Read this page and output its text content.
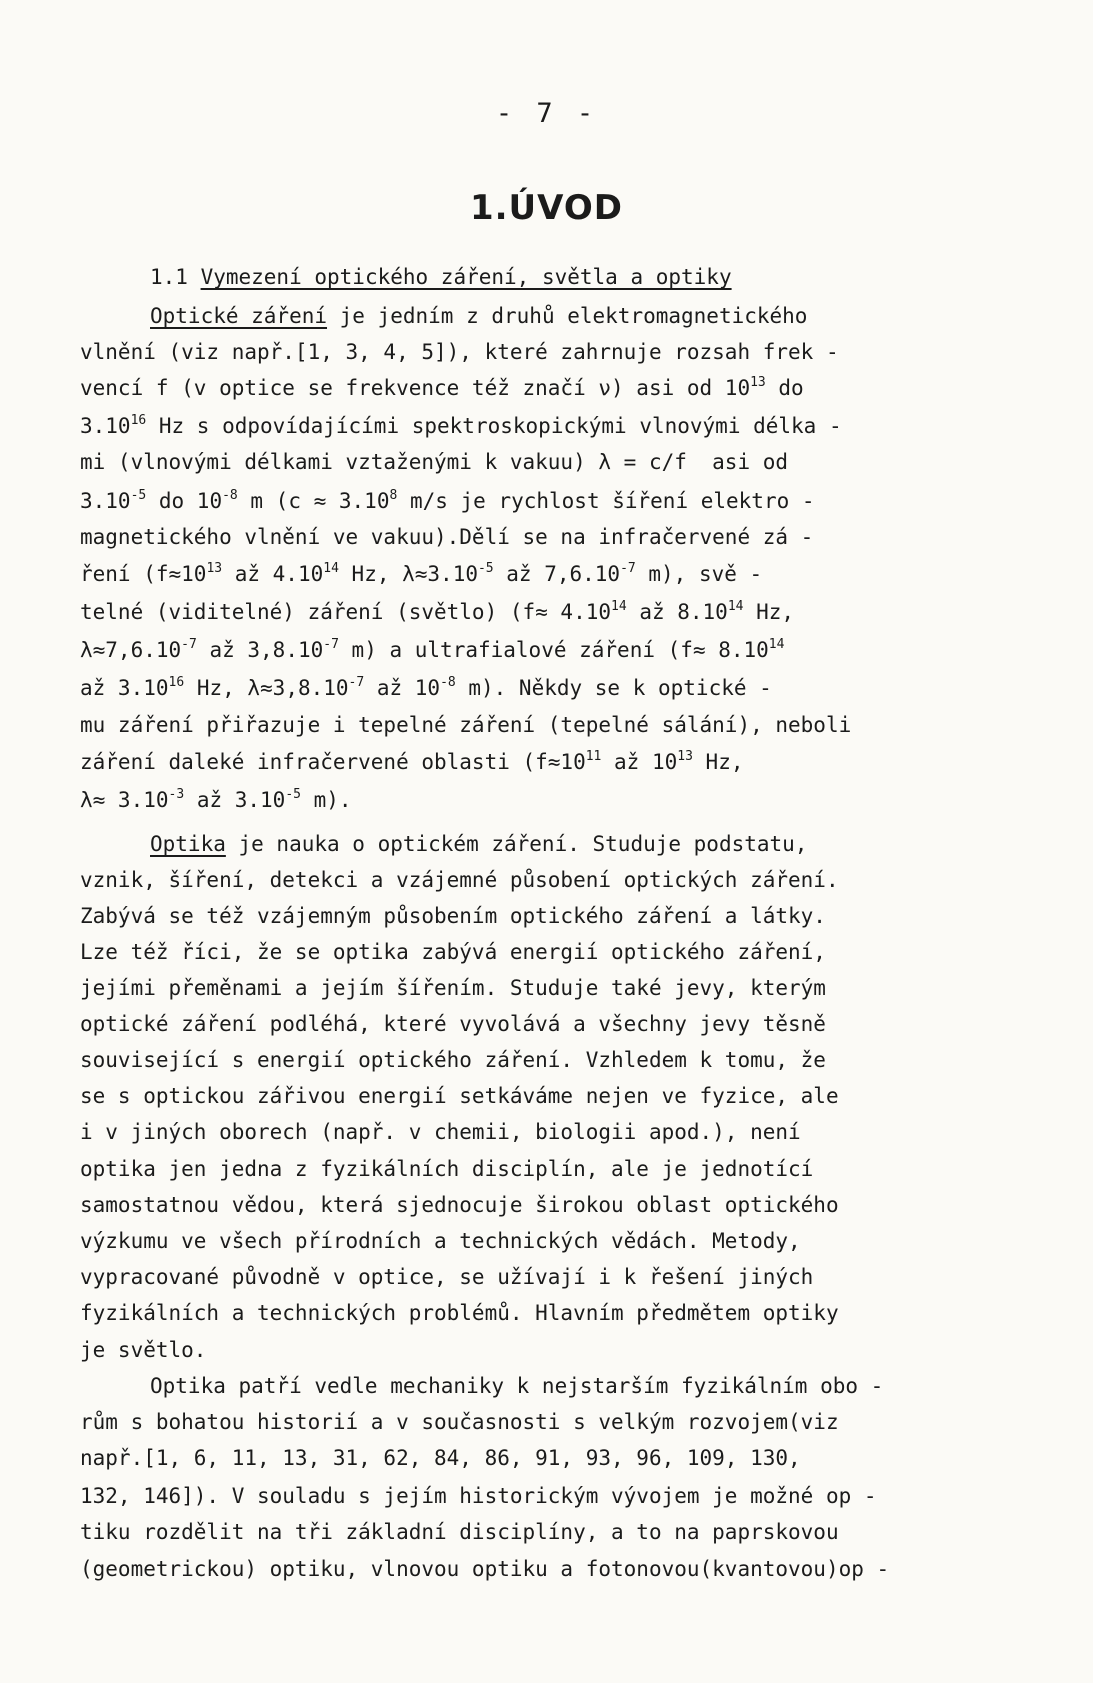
- 7 -
1.ÚVOD
1.1 Vymezení optického záření, světla a optiky
Optické záření je jedním z druhů elektromagnetického
vlnění (viz např.[1, 3, 4, 5]), které zahrnuje rozsah frek -
vencí f (v optice se frekvence též značí ν) asi od $10^{13}$ do
3.10$^{16}$ Hz s odpovídajícími spektroskopickými vlnovými délka -
mi (vlnovými délkami vztaženými k vakuu) λ = c/f  asi od
$3.10^{-5}$ do $10^{-8}$ m ($c \approx 3.10^8$ m/s je rychlost šíření elektro -
magnetického vlnění ve vakuu).Dělí se na infračervené zá -
ření ($f\approx 10^{13}$ až 4.10$^{14}$ Hz, $\lambda\approx 3.10^{-5}$ až $7,6.10^{-7}$ m), svě -
telné (viditelné) záření (světlo) ($f\approx 4.10^{14}$ až 8.10$^{14}$ Hz,
$\lambda\approx 7,6.10^{-7}$ až $3,8.10^{-7}$ m) a ultrafialové záření ($f\approx 8.10^{14}$
až 3.10$^{16}$ Hz, $\lambda\approx 3,8.10^{-7}$ až $10^{-8}$ m). Někdy se k optické -
mu záření přiřazuje i tepelné záření (tepelné sálání), neboli
záření daleké infračervené oblasti ($f\approx 10^{11}$ až $10^{13}$ Hz,
$\lambda\approx 3.10^{-3}$ až $3.10^{-5}$ m).
Optika je nauka o optickém záření. Studuje podstatu,
vznik, šíření, detekci a vzájemné působení optických záření.
Zabývá se též vzájemným působením optického záření a látky.
Lze též říci, že se optika zabývá energií optického záření,
jejími přeměnami a jejím šířením. Studuje také jevy, kterým
optické záření podléhá, které vyvolává a všechny jevy těsně
související s energií optického záření. Vzhledem k tomu, že
se s optickou zářivou energií setkáváme nejen ve fyzice, ale
i v jiných oborech (např. v chemii, biologii apod.), není
optika jen jedna z fyzikálních disciplín, ale je jednotící
samostatnou vědou, která sjednocuje širokou oblast optického
výzkumu ve všech přírodních a technických vědách. Metody,
vypracované původně v optice, se užívají i k řešení jiných
fyzikálních a technických problémů. Hlavním předmětem optiky
je světlo.
Optika patří vedle mechaniky k nejstarším fyzikálním obo -
rům s bohatou historií a v současnosti s velkým rozvojem(viz
např.[1, 6, 11, 13, 31, 62, 84, 86, 91, 93, 96, 109, 130,
132, 146]). V souladu s jejím historickým vývojem je možné op -
tiku rozdělit na tři základní disciplíny, a to na paprskovou
(geometrickou) optiku, vlnovou optiku a fotonovou(kvantovou)op -
